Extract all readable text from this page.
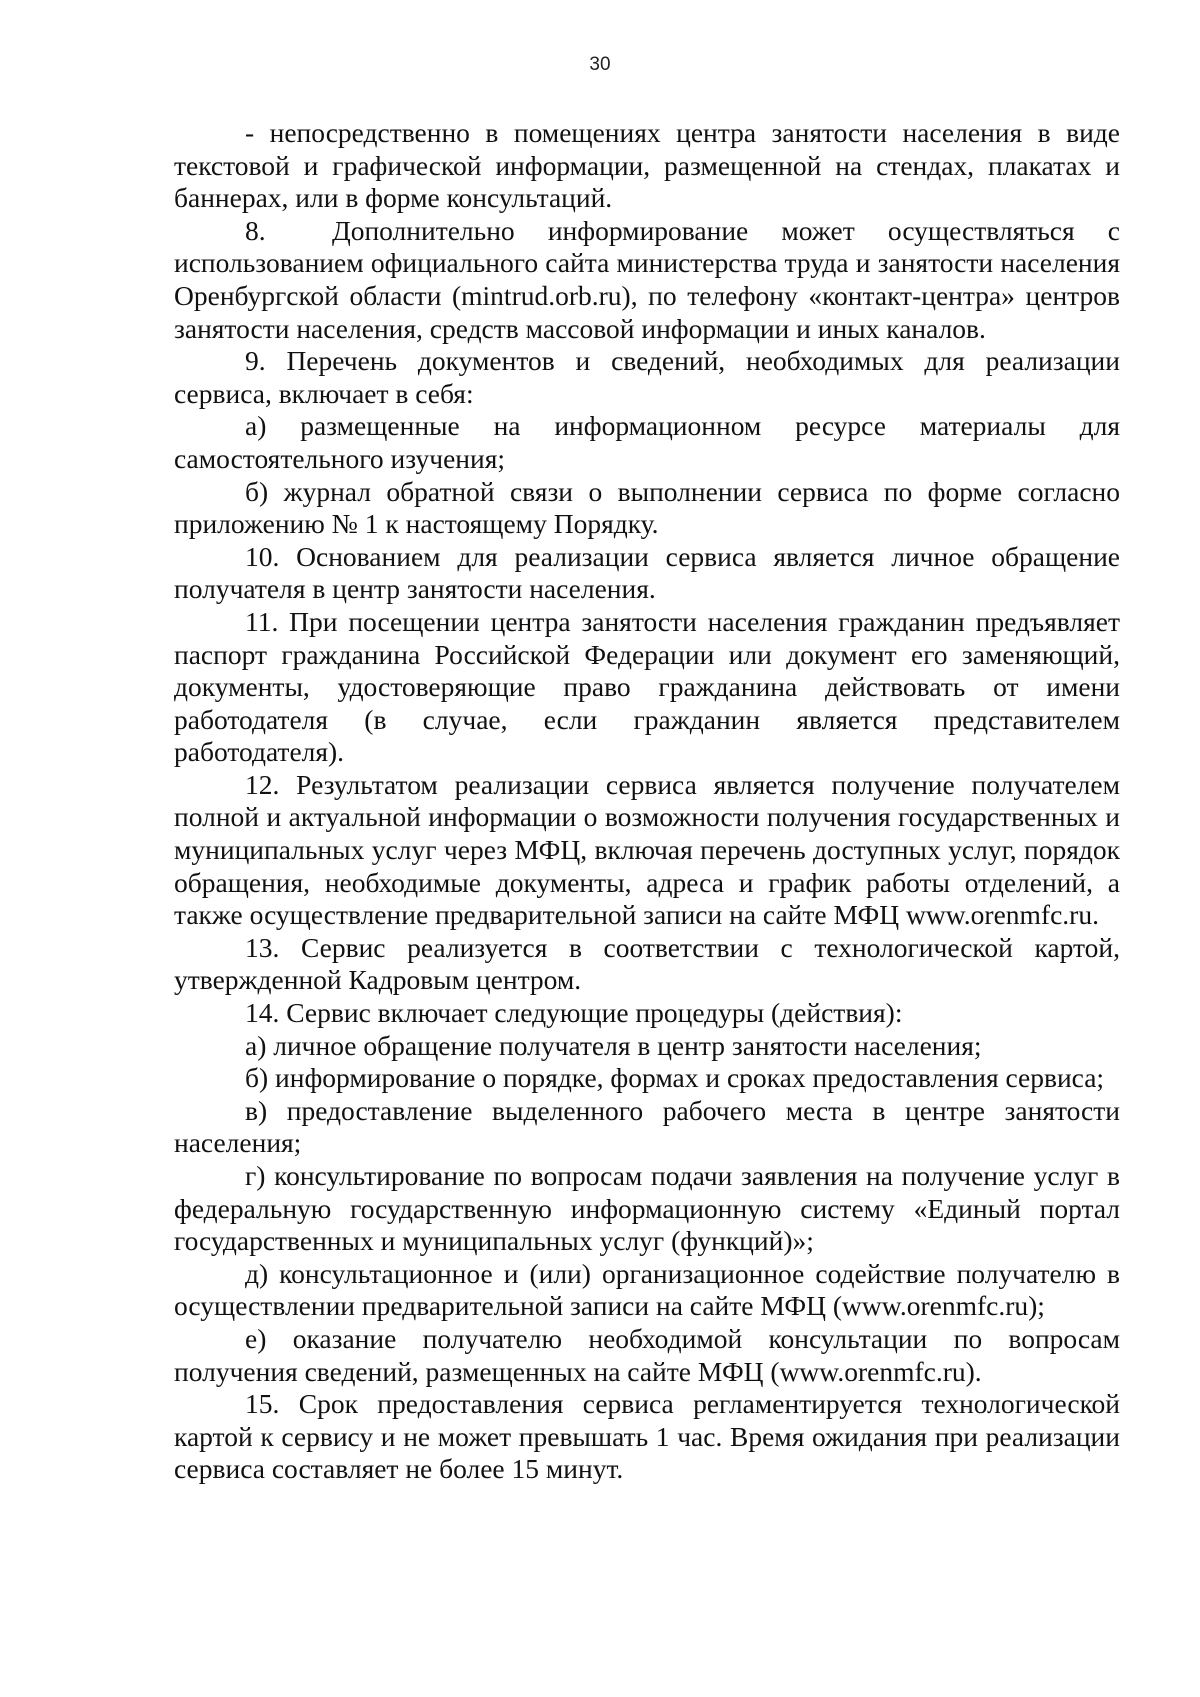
30

- непосредственно в помещениях центра занятости населения в виде текстовой и графической информации, размещенной на стендах, плакатах и баннерах, или в форме консультаций.

8.  Дополнительно информирование может осуществляться с использованием официального сайта министерства труда и занятости населения Оренбургской области (mintrud.orb.ru), по телефону «контакт-центра» центров занятости населения, средств массовой информации и иных каналов.

9. Перечень документов и сведений, необходимых для реализации сервиса, включает в себя:

а) размещенные на информационном ресурсе материалы для самостоятельного изучения;

б) журнал обратной связи о выполнении сервиса по форме согласно приложению № 1 к настоящему Порядку.

10. Основанием для реализации сервиса является личное обращение получателя в центр занятости населения.

11. При посещении центра занятости населения гражданин предъявляет паспорт гражданина Российской Федерации или документ его заменяющий, документы, удостоверяющие право гражданина действовать от имени работодателя (в случае, если гражданин является представителем работодателя).

12. Результатом реализации сервиса является получение получателем полной и актуальной информации о возможности получения государственных и муниципальных услуг через МФЦ, включая перечень доступных услуг, порядок обращения, необходимые документы, адреса и график работы отделений, а также осуществление предварительной записи на сайте МФЦ www.orenmfc.ru.

13. Сервис реализуется в соответствии с технологической картой, утвержденной Кадровым центром.

14. Сервис включает следующие процедуры (действия):

а) личное обращение получателя в центр занятости населения;

б) информирование о порядке, формах и сроках предоставления сервиса;

в) предоставление выделенного рабочего места в центре занятости населения;

г) консультирование по вопросам подачи заявления на получение услуг в федеральную государственную информационную систему «Единый портал государственных и муниципальных услуг (функций)»;

д) консультационное и (или) организационное содействие получателю в осуществлении предварительной записи на сайте МФЦ (www.orenmfc.ru);

е) оказание получателю необходимой консультации по вопросам получения сведений, размещенных на сайте МФЦ (www.orenmfc.ru).

15. Срок предоставления сервиса регламентируется технологической картой к сервису и не может превышать 1 час. Время ожидания при реализации сервиса составляет не более 15 минут.
